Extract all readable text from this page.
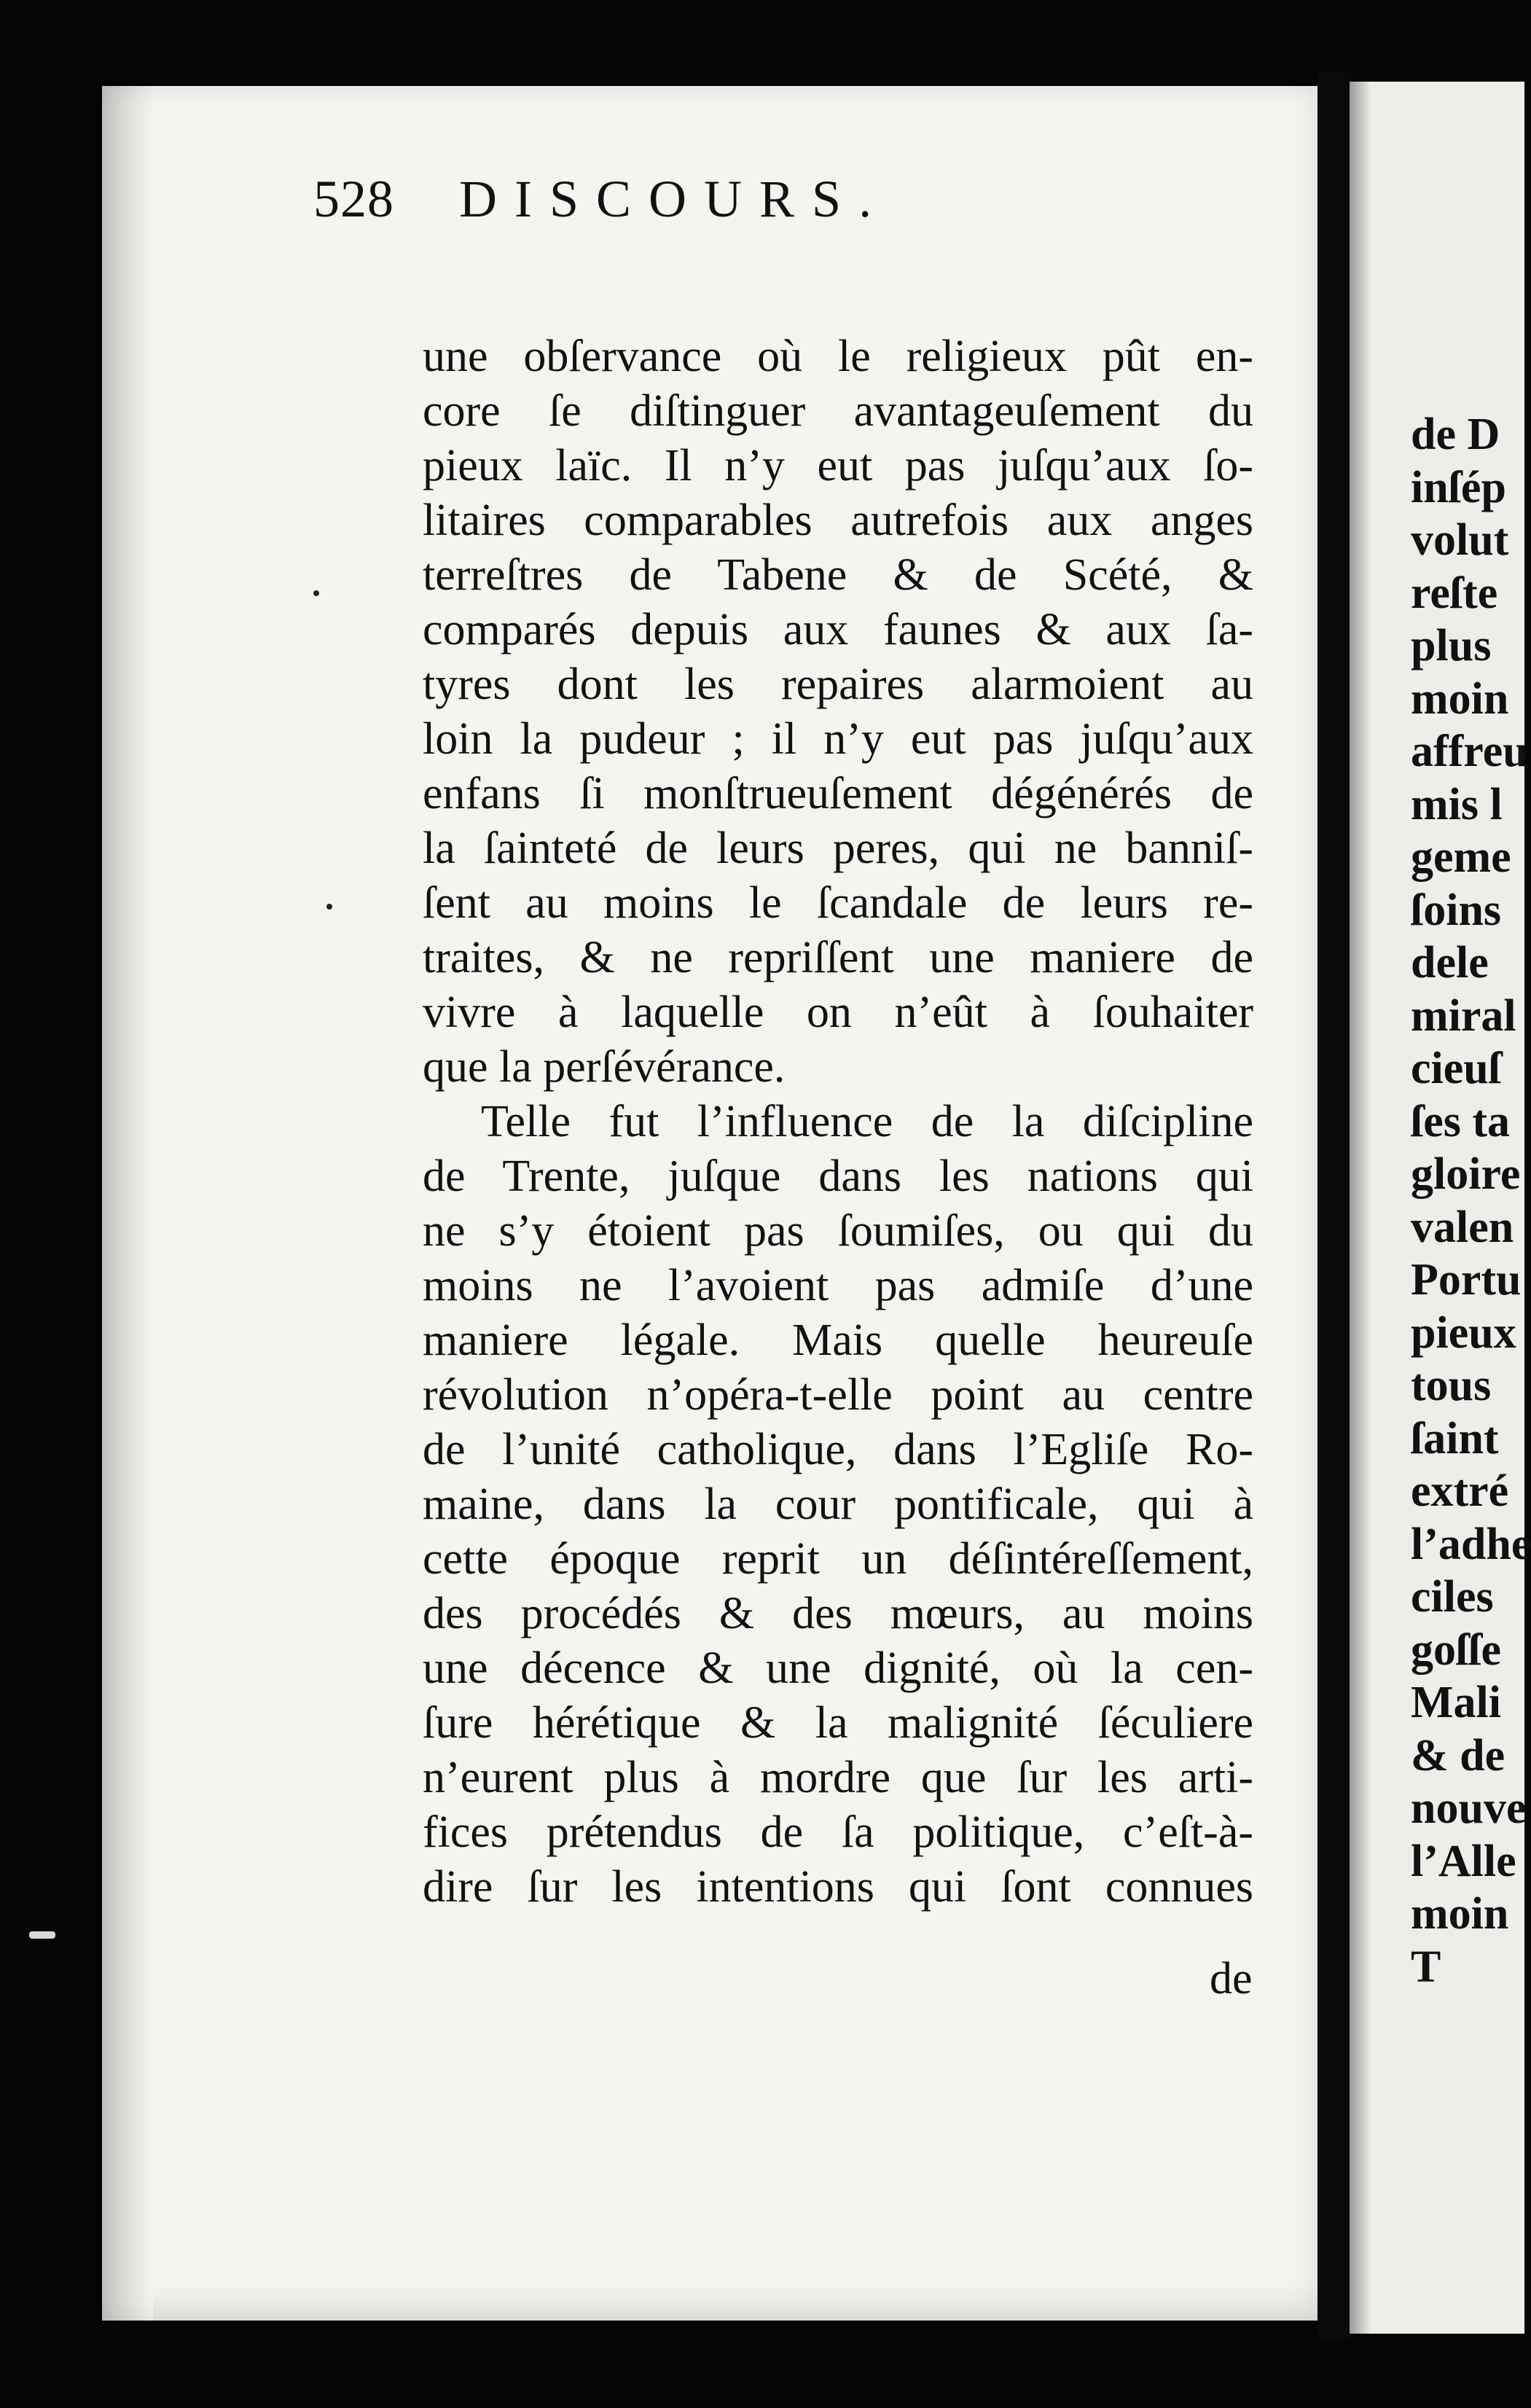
528 DISCOURS.
une obſervance où le religieux pût en-
core ſe diſtinguer avantageuſement du
pieux laïc. Il n’y eut pas juſqu’aux ſo-
litaires comparables autrefois aux anges
terreſtres de Tabene & de Scété, &
comparés depuis aux faunes & aux ſa-
tyres dont les repaires alarmoient au
loin la pudeur ; il n’y eut pas juſqu’aux
enfans ſi monſtrueuſement dégénérés de
la ſainteté de leurs peres, qui ne banniſ-
ſent au moins le ſcandale de leurs re-
traites, & ne repriſſent une maniere de
vivre à laquelle on n’eût à ſouhaiter
que la perſévérance.
Telle fut l’influence de la diſcipline
de Trente, juſque dans les nations qui
ne s’y étoient pas ſoumiſes, ou qui du
moins ne l’avoient pas admiſe d’une
maniere légale. Mais quelle heureuſe
révolution n’opéra-t-elle point au centre
de l’unité catholique, dans l’Egliſe Ro-
maine, dans la cour pontificale, qui à
cette époque reprit un déſintéreſſement,
des procédés & des mœurs, au moins
une décence & une dignité, où la cen-
ſure hérétique & la malignité ſéculiere
n’eurent plus à mordre que ſur les arti-
fices prétendus de ſa politique, c’eſt-à-
dire ſur les intentions qui ſont connues
de
de D
inſép
volut
reſte
plus
moin
affreu
mis l
geme
ſoins
dele
miral
cieuſ
ſes ta
gloire
valen
Portu
pieux
tous
ſaint
extré
l’adhe
ciles
goſſe
Mali
& de
nouve
l’Alle
moin
T
